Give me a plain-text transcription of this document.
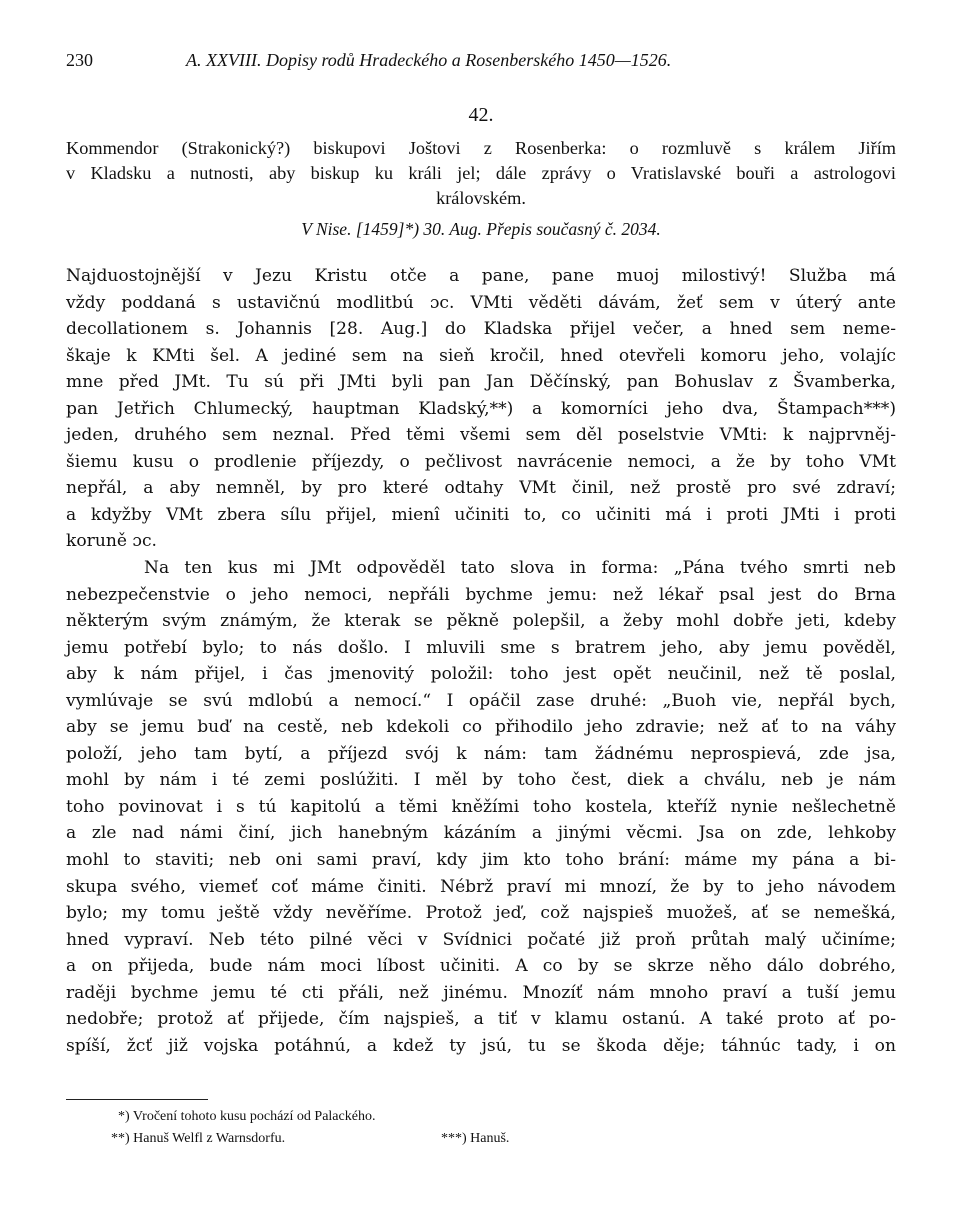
230	A. XXVIII. Dopisy rodů Hradeckého a Rosenberského 1450—1526.
42.
Kommendor (Strakonický?) biskupovi Joštovi z Rosenberka: o rozmluvě s králem Jiřím
v Kladsku a nutnosti, aby biskup ku králi jel; dále zprávy o Vratislavské bouři a astrologovi
královském.
V Nise. [1459]*) 30. Aug. Přepis současný č. 2034.
Najduostojnější v Jezu Kristu otče a pane, pane muoj milostivý! Služba má
vždy poddaná s ustavičnú modlitbú ɔc. VMti věděti dávám, žeť sem v úterý ante
decollationem s. Johannis [28. Aug.] do Kladska přijel večer, a hned sem neme-
škaje k KMti šel. A jediné sem na sieň kročil, hned otevřeli komoru jeho, volajíc
mne před JMt. Tu sú při JMti byli pan Jan Děčínský, pan Bohuslav z Švamberka,
pan Jetřich Chlumecký, hauptman Kladský,**) a komorníci jeho dva, Štampach***)
jeden, druhého sem neznal. Před těmi všemi sem děl poselstvie VMti: k najprvněj-
šiemu kusu o prodlenie příjezdy, o pečlivost navrácenie nemoci, a že by toho VMt
nepřál, a aby nemněl, by pro které odtahy VMt činil, než prostě pro své zdraví;
a kdyžby VMt zbera sílu přijel, mienî učiniti to, co učiniti má i proti JMti i proti
koruně ɔc.
Na ten kus mi JMt odpověděl tato slova in forma: „Pána tvého smrti neb
nebezpečenstvie o jeho nemoci, nepřáli bychme jemu: než lékař psal jest do Brna
některým svým známým, že kterak se pěkně polepšil, a žeby mohl dobře jeti, kdeby
jemu potřebí bylo; to nás došlo. I mluvili sme s bratrem jeho, aby jemu pověděl,
aby k nám přijel, i čas jmenovitý položil: toho jest opět neučinil, než tě poslal,
vymlúvaje se svú mdlobú a nemocí.“ I opáčil zase druhé: „Buoh vie, nepřál bych,
aby se jemu buď na cestě, neb kdekoli co přihodilo jeho zdravie; než ať to na váhy
položí, jeho tam bytí, a příjezd svój k nám: tam žádnému neprospievá, zde jsa,
mohl by nám i té zemi poslúžiti. I měl by toho čest, diek a chválu, neb je nám
toho povinovat i s tú kapitolú a těmi kněžími toho kostela, kteříž nynie nešlechetně
a zle nad námi činí, jich hanebným kázáním a jinými věcmi. Jsa on zde, lehkoby
mohl to staviti; neb oni sami praví, kdy jim kto toho brání: máme my pána a bi-
skupa svého, viemeť coť máme činiti. Nébrž praví mi mnozí, že by to jeho návodem
bylo; my tomu ještě vždy nevěříme. Protož jeď, což najspieš muožeš, ať se nemešká,
hned vypraví. Neb této pilné věci v Svídnici počaté již proň průtah malý učiníme;
a on přijeda, bude nám moci líbost učiniti. A co by se skrze něho dálo dobrého,
raději bychme jemu té cti přáli, než jinému. Mnozíť nám mnoho praví a tuší jemu
nedobře; protož ať přijede, čím najspieš, a tiť v klamu ostanú. A také proto ať po-
spíší, žcť již vojska potáhnú, a kdež ty jsú, tu se škoda děje; táhnúc tady, i on
*) Vročení tohoto kusu pochází od Palackého.
**) Hanuš Welfl z Warnsdorfu.	***) Hanuš.
